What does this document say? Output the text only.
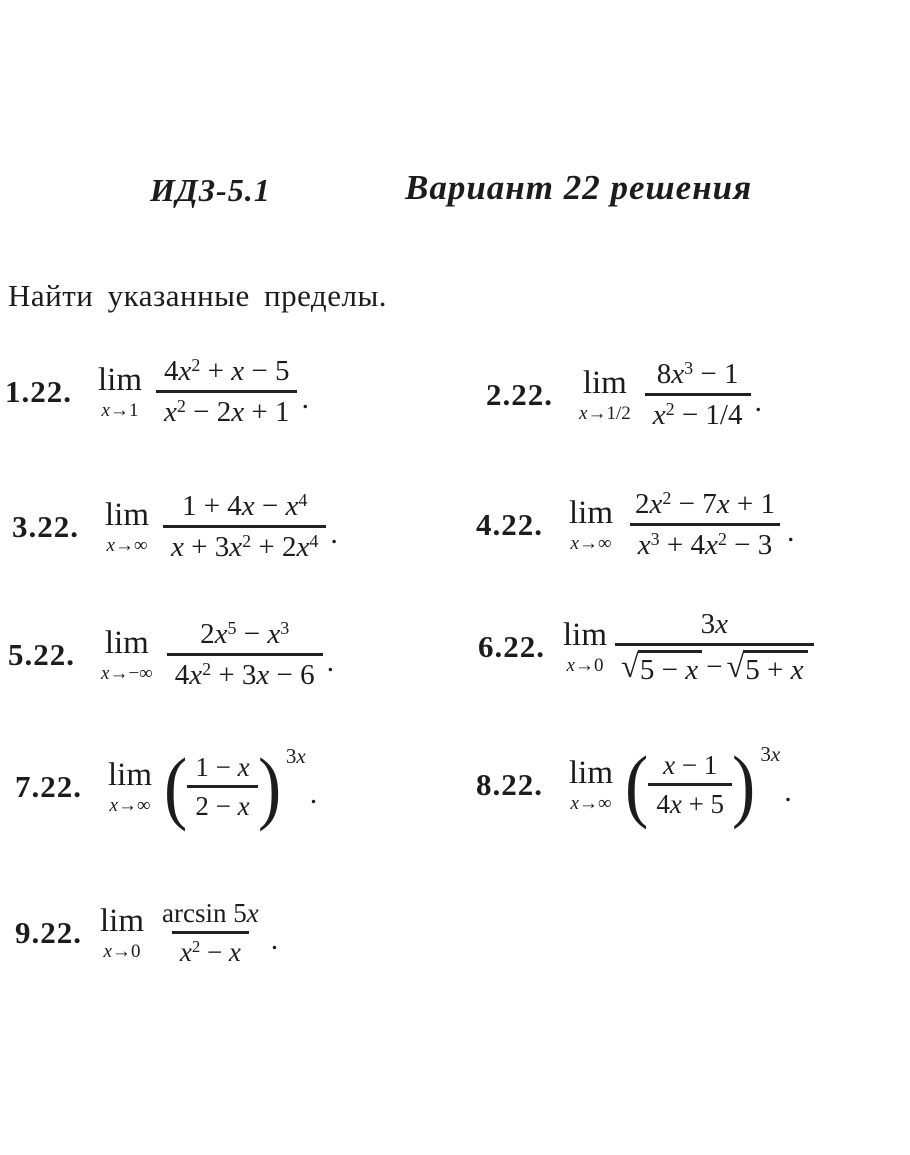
ИДЗ-5.1	Вариант 22 решения
Найти указанные пределы.
1.22. lim
$x\to 1 \frac{4x^2 + x - 5}{x^2 - 2x + 1}$ .	2.22. lim
$x\to 1/2 \frac{8x^3 - 1}{x^2 - 1/4}$ .
3.22. lim
$x\to\infty \frac{1 + 4x - x^4}{x + 3x^2 + 2x^4}$ .	4.22. lim
$x\to\infty \frac{2x^2 - 7x + 1}{x^3 + 4x^2 - 3}$ .
5.22. lim
$x\to-\infty \frac{2x^5 - x^3}{4x^2 + 3x - 6}$ .	6.22. lim
$x\to 0 \frac{3x}{√ 5 - x - √ 5 + x}$
7.22. lim
x→∞ ( $\frac{1 - x}{2 - x}$ ) 3x
.	8.22. lim
x→∞ ( $\frac{x - 1}{4x + 5}$ ) 3x
.
9.22. lim
$x\to 0 \frac{\arcsin 5x}{x^2 - x}$ .
